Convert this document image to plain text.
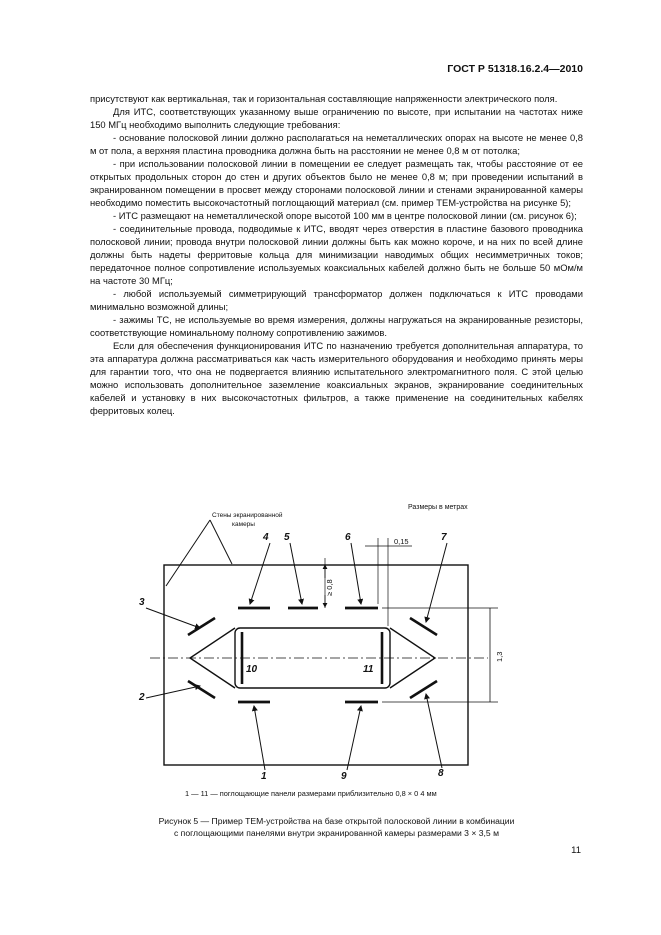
ГОСТ Р 51318.16.2.4—2010

присутствуют как вертикальная, так и горизонтальная составляющие напряженности электрического поля.

Для ИТС, соответствующих указанному выше ограничению по высоте, при испытании на частотах ниже 150 МГц необходимо выполнить следующие требования:

- основание полосковой линии должно располагаться на неметаллических опорах на высоте не менее 0,8 м от пола, а верхняя пластина проводника должна быть на расстоянии не менее 0,8 м от потолка;

- при использовании полосковой линии в помещении ее следует размещать так, чтобы расстояние от ее открытых продольных сторон до стен и других объектов было не менее 0,8 м; при проведении испытаний в экранированном помещении в просвет между сторонами полосковой линии и стенами экранированной камеры необходимо поместить высокочастотный поглощающий материал (см. пример ТЕМ-устройства на рисунке 5);

- ИТС размещают на неметаллической опоре высотой 100 мм в центре полосковой линии (см. рисунок 6);

- соединительные провода, подводимые к ИТС, вводят через отверстия в пластине базового проводника полосковой линии; провода внутри полосковой линии должны быть как можно короче, и на них по всей длине должны быть надеты ферритовые кольца для минимизации наводимых общих несимметричных токов; передаточное полное сопротивление используемых коаксиальных кабелей должно быть не больше 50 мОм/м на частоте 30 МГц;

- любой используемый симметрирующий трансформатор должен подключаться к ИТС проводами минимально возможной длины;

- зажимы ТС, не используемые во время измерения, должны нагружаться на экранированные резисторы, соответствующие номинальному полному сопротивлению зажимов.

Если для обеспечения функционирования ИТС по назначению требуется дополнительная аппаратура, то эта аппаратура должна рассматриваться как часть измерительного оборудования и необходимо принять меры для гарантии того, что она не подвергается влиянию испытательного электромагнитного поля. С этой целью можно использовать дополнительное заземление коаксиальных экранов, экранирование соединительных кабелей и установку в них высокочастотных фильтров, а также применение на соединительных кабелях ферритовых колец.

4 5	6	7
3
2
10	11
1	9	8
Стены экранированной
камеры
Размеры в метрах
0,15
≥ 0,8
1,3
1 — 11 — поглощающие панели размерами приблизительно 0,8 × 0 4 мм
Рисунок 5 — Пример ТЕМ-устройства на базе открытой полосковой линии в комбинации
с поглощающими панелями внутри экранированной камеры размерами 3 × 3,5 м
11
